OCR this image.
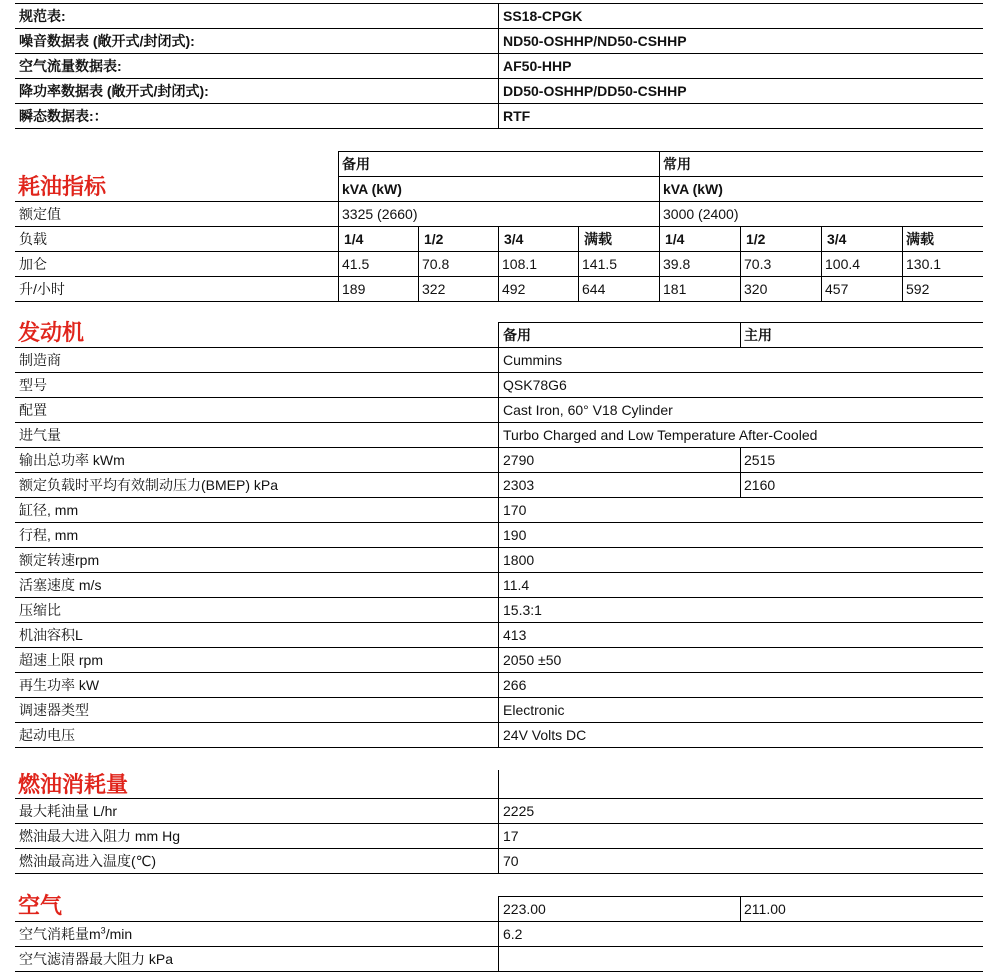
规范表:	SS18-CPGK
噪音数据表 (敞开式/封闭式):	ND50-OSHHP/ND50-CSHHP
空气流量数据表:	AF50-HHP
降功率数据表 (敞开式/封闭式):	DD50-OSHHP/DD50-CSHHP
瞬态数据表:：	RTF
耗油指标
备用	常用
kVA (kW)	kVA (kW)
额定值	3325 (2660)	3000 (2400)
负载	1/4	1/2	3/4	满载	1/4	1/2	3/4	满载
加仑	41.5	70.8	108.1	141.5	39.8	70.3	100.4	130.1
升/小时	189	322	492	644	181	320	457	592
发动机	备用	主用
制造商	Cummins
型号	QSK78G6
配置	Cast Iron, 60° V18 Cylinder
进气量	Turbo Charged and Low Temperature After-Cooled
输出总功率 kWm	2790	2515
额定负载时平均有效制动压力(BMEP) kPa	2303	2160
缸径, mm	170
行程, mm	190
额定转速rpm	1800
活塞速度 m/s	11.4
压缩比	15.3:1
机油容积L	413
超速上限 rpm	2050 ±50
再生功率 kW	266
调速器类型	Electronic
起动电压	24V Volts DC
燃油消耗量
最大耗油量 L/hr	2225
燃油最大进入阻力 mm Hg	17
燃油最高进入温度(℃)	70
空气	223.00	211.00
空气消耗量$m^3/\min$	6.2
空气滤清器最大阻力 kPa
